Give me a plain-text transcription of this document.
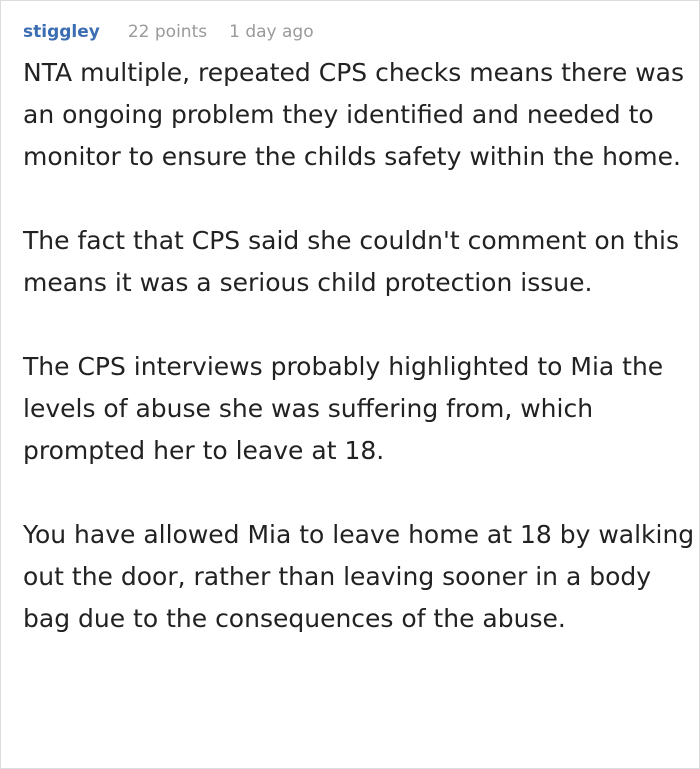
stiggley 22 points 1 day ago

NTA multiple, repeated CPS checks means there was an ongoing problem they identified and needed to monitor to ensure the childs safety within the home.

The fact that CPS said she couldn't comment on this means it was a serious child protection issue.

The CPS interviews probably highlighted to Mia the levels of abuse she was suffering from, which prompted her to leave at 18.

You have allowed Mia to leave home at 18 by walking out the door, rather than leaving sooner in a body bag due to the consequences of the abuse.
